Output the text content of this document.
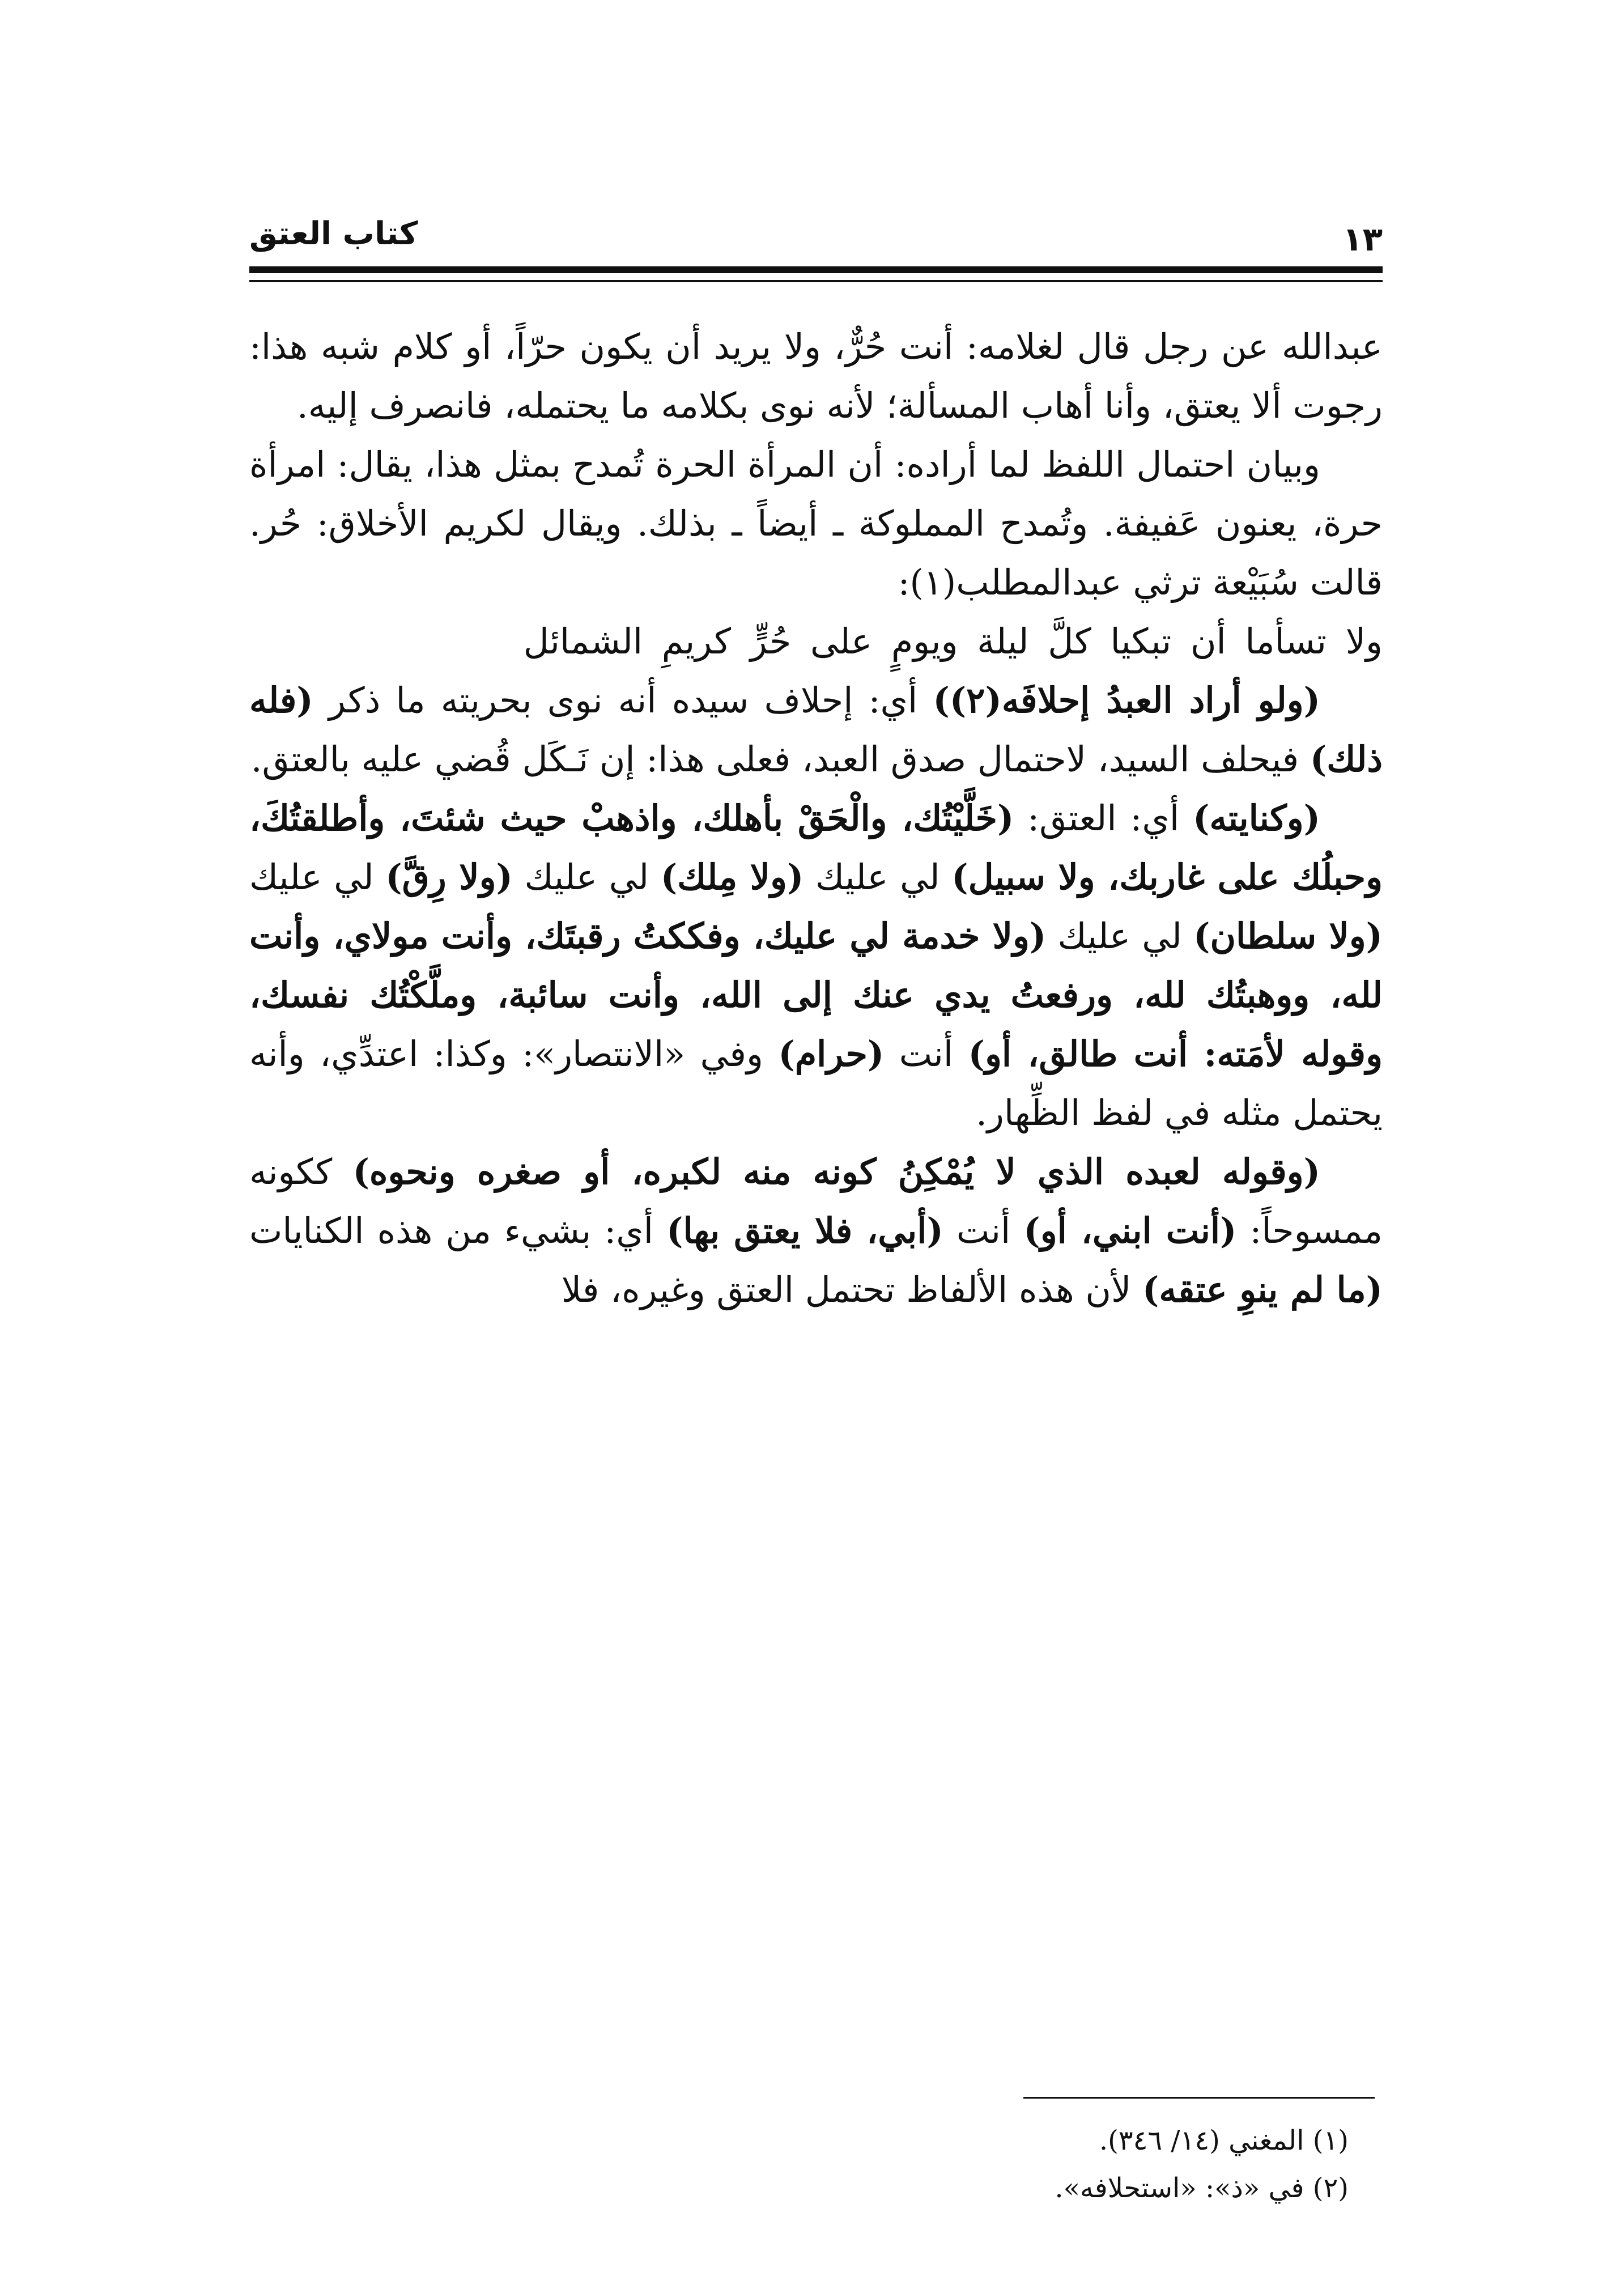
١٣
كتاب العتق

عبدالله عن رجل قال لغلامه: أنت حُرٌّ، ولا يريد أن يكون حرّاً، أو كلام شبه هذا: رجوت ألا يعتق، وأنا أهاب المسألة؛ لأنه نوى بكلامه ما يحتمله، فانصرف إليه.

وبيان احتمال اللفظ لما أراده: أن المرأة الحرة تُمدح بمثل هذا، يقال: امرأة حرة، يعنون عَفيفة. وتُمدح المملوكة ـ أيضاً ـ بذلك. ويقال لكريم الأخلاق: حُر. قالت سُبَيْعة ترثي عبدالمطلب(١):

ولا تسأما أن تبكيا كلَّ ليلة ويومٍ على حُرٍّ كريمِ الشمائل

(ولو أراد العبدُ إحلافَه(٢)) أي: إحلاف سيده أنه نوى بحريته ما ذكر (فله ذلك) فيحلف السيد، لاحتمال صدق العبد، فعلى هذا: إن نَـكَل قُضي عليه بالعتق.

(وكنايته) أي: العتق: (خَلَّيْتُك، والْحَقْ بأهلك، واذهبْ حيث شئتَ، وأطلقتُكَ، وحبلُك على غاربك، ولا سبيل) لي عليك (ولا مِلك) لي عليك (ولا رِقَّ) لي عليك (ولا سلطان) لي عليك (ولا خدمة لي عليك، وفككتُ رقبتَك، وأنت مولاي، وأنت لله، ووهبتُك لله، ورفعتُ يدي عنك إلى الله، وأنت سائبة، وملَّكْتُك نفسك، وقوله لأمَته: أنت طالق، أو) أنت (حرام) وفي «الانتصار»: وكذا: اعتدِّي، وأنه يحتمل مثله في لفظ الظِّهار.

(وقوله لعبده الذي لا يُمْكِنُ كونه منه لكبره، أو صغره ونحوه) ككونه ممسوحاً: (أنت ابني، أو) أنت (أبي، فلا يعتق بها) أي: بشيء من هذه الكنايات (ما لم ينوِ عتقه) لأن هذه الألفاظ تحتمل العتق وغيره، فلا

(١) المغني (١٤/ ٣٤٦).

(٢) في «ذ»: «استحلافه».
